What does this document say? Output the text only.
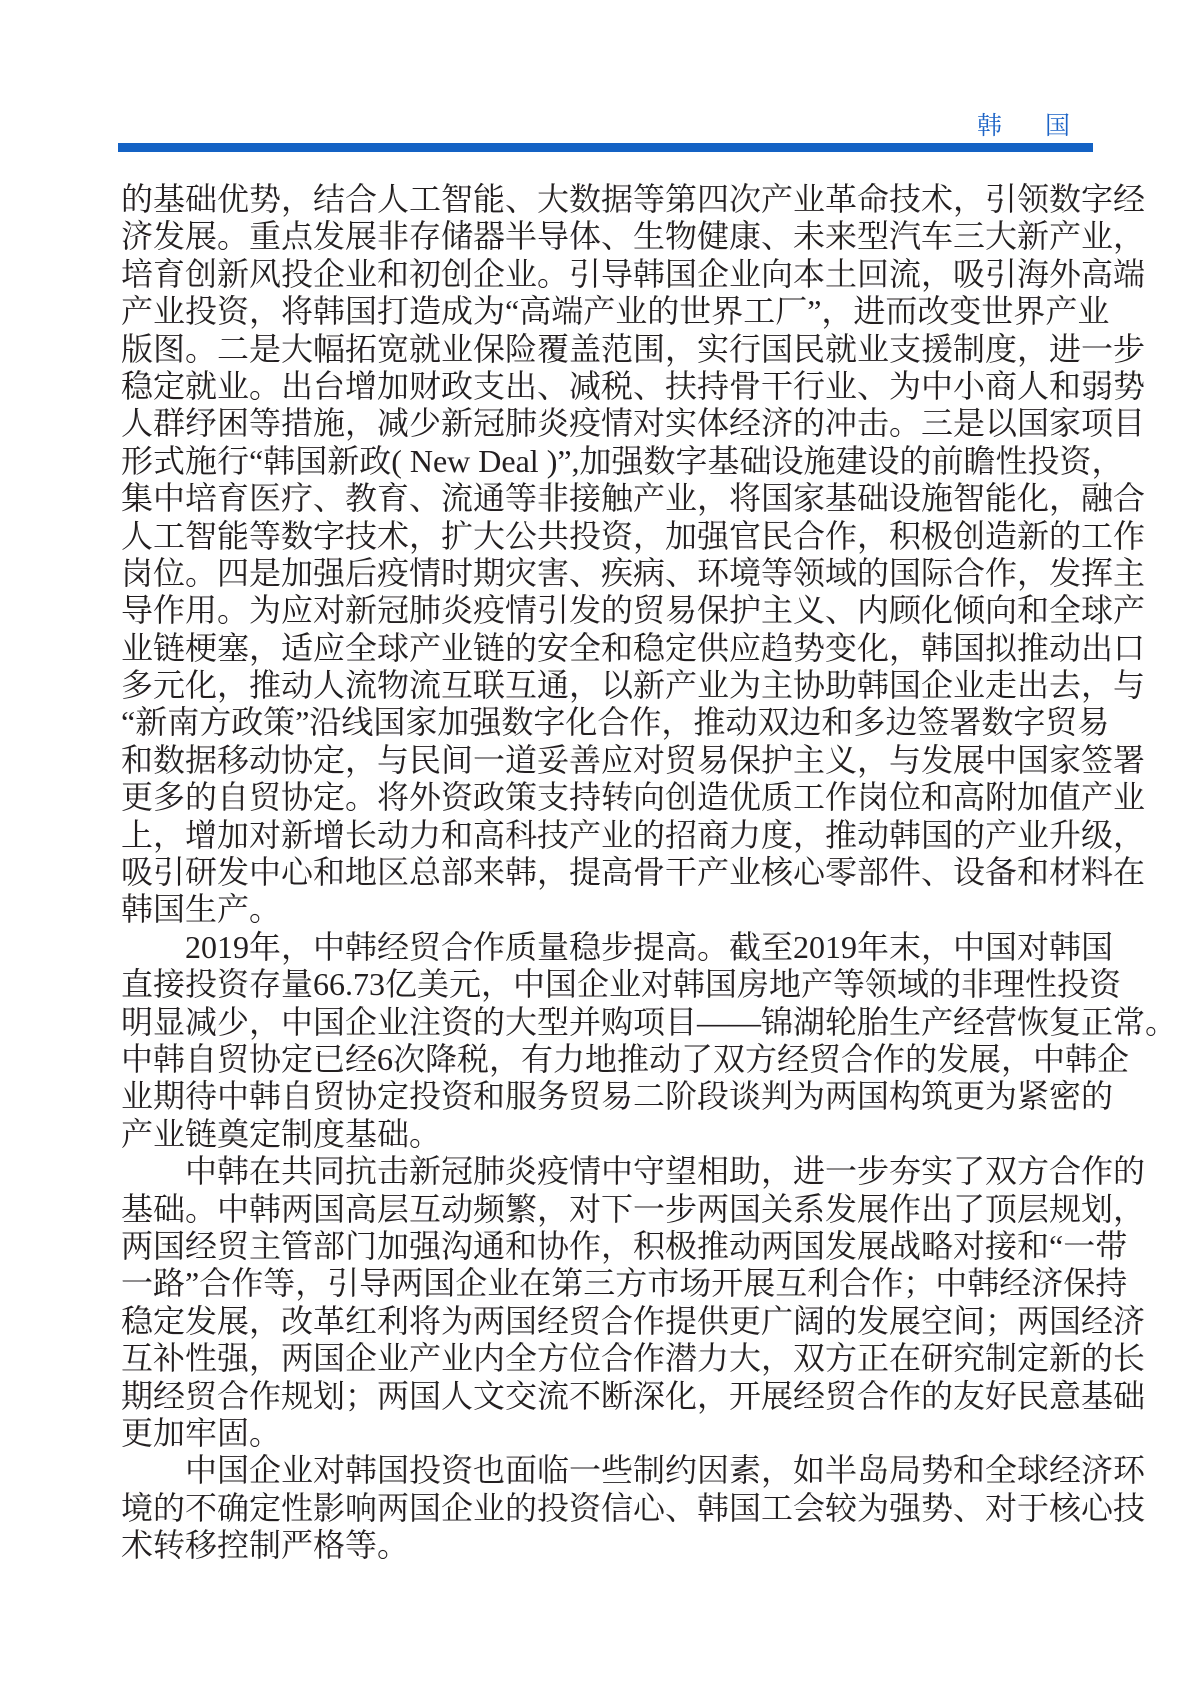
韩 国
的基础优势，结合人工智能、大数据等第四次产业革命技术，引领数字经
济发展。重点发展非存储器半导体、生物健康、未来型汽车三大新产业，
培育创新风投企业和初创企业。引导韩国企业向本土回流，吸引海外高端
产业投资，将韩国打造成为“高端产业的世界工厂”，进而改变世界产业
版图。二是大幅拓宽就业保险覆盖范围，实行国民就业支援制度，进一步
稳定就业。出台增加财政支出、减税、扶持骨干行业、为中小商人和弱势
人群纾困等措施，减少新冠肺炎疫情对实体经济的冲击。三是以国家项目
形式施行“韩国新政( New Deal )”,加强数字基础设施建设的前瞻性投资，
集中培育医疗、教育、流通等非接触产业，将国家基础设施智能化，融合
人工智能等数字技术，扩大公共投资，加强官民合作，积极创造新的工作
岗位。四是加强后疫情时期灾害、疾病、环境等领域的国际合作，发挥主
导作用。为应对新冠肺炎疫情引发的贸易保护主义、内顾化倾向和全球产
业链梗塞，适应全球产业链的安全和稳定供应趋势变化，韩国拟推动出口
多元化，推动人流物流互联互通，以新产业为主协助韩国企业走出去，与
“新南方政策”沿线国家加强数字化合作，推动双边和多边签署数字贸易
和数据移动协定，与民间一道妥善应对贸易保护主义，与发展中国家签署
更多的自贸协定。将外资政策支持转向创造优质工作岗位和高附加值产业
上，增加对新增长动力和高科技产业的招商力度，推动韩国的产业升级，
吸引研发中心和地区总部来韩，提高骨干产业核心零部件、设备和材料在
韩国生产。
2019年，中韩经贸合作质量稳步提高。截至2019年末，中国对韩国
直接投资存量66.73亿美元，中国企业对韩国房地产等领域的非理性投资
明显减少，中国企业注资的大型并购项目——锦湖轮胎生产经营恢复正常。
中韩自贸协定已经6次降税，有力地推动了双方经贸合作的发展，中韩企
业期待中韩自贸协定投资和服务贸易二阶段谈判为两国构筑更为紧密的
产业链奠定制度基础。
中韩在共同抗击新冠肺炎疫情中守望相助，进一步夯实了双方合作的
基础。中韩两国高层互动频繁，对下一步两国关系发展作出了顶层规划，
两国经贸主管部门加强沟通和协作，积极推动两国发展战略对接和“一带
一路”合作等，引导两国企业在第三方市场开展互利合作；中韩经济保持
稳定发展，改革红利将为两国经贸合作提供更广阔的发展空间；两国经济
互补性强，两国企业产业内全方位合作潜力大，双方正在研究制定新的长
期经贸合作规划；两国人文交流不断深化，开展经贸合作的友好民意基础
更加牢固。
中国企业对韩国投资也面临一些制约因素，如半岛局势和全球经济环
境的不确定性影响两国企业的投资信心、韩国工会较为强势、对于核心技
术转移控制严格等。
